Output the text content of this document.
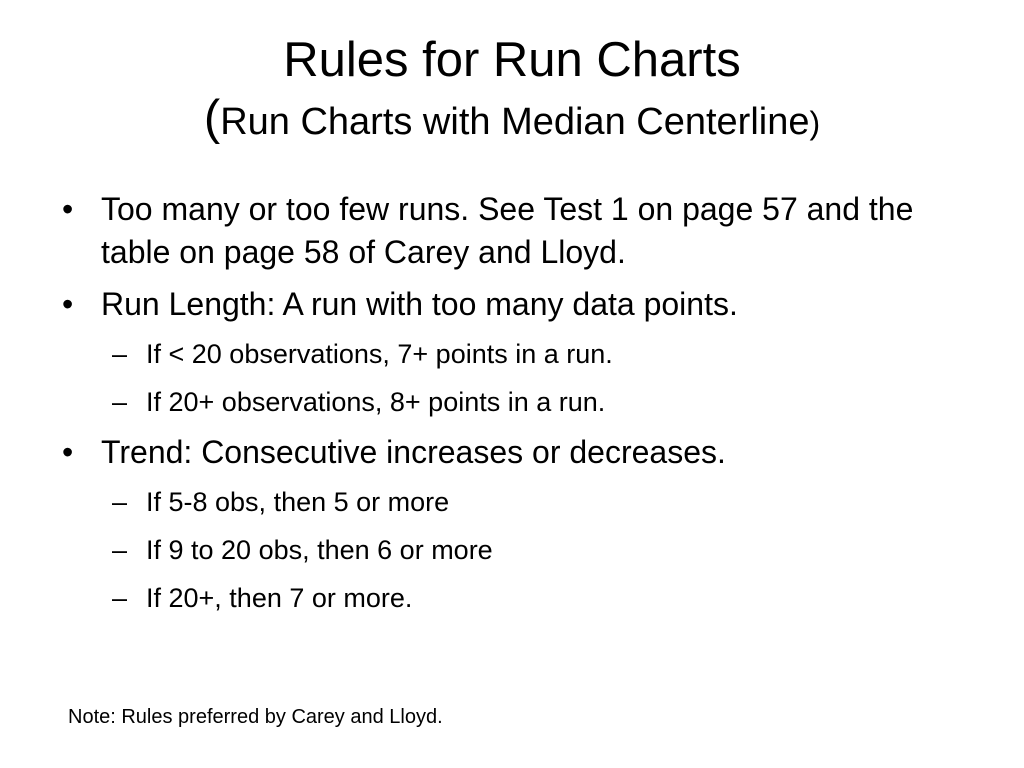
Rules for Run Charts
(Run Charts with Median Centerline)
• Too many or too few runs. See Test 1 on page 57 and the table on page 58 of Carey and Lloyd.
• Run Length: A run with too many data points.
– If < 20 observations, 7+ points in a run.
– If 20+ observations, 8+ points in a run.
• Trend: Consecutive increases or decreases.
– If 5-8 obs, then 5 or more
– If 9 to 20 obs, then 6 or more
– If 20+, then 7 or more.
Note: Rules preferred by Carey and Lloyd.
